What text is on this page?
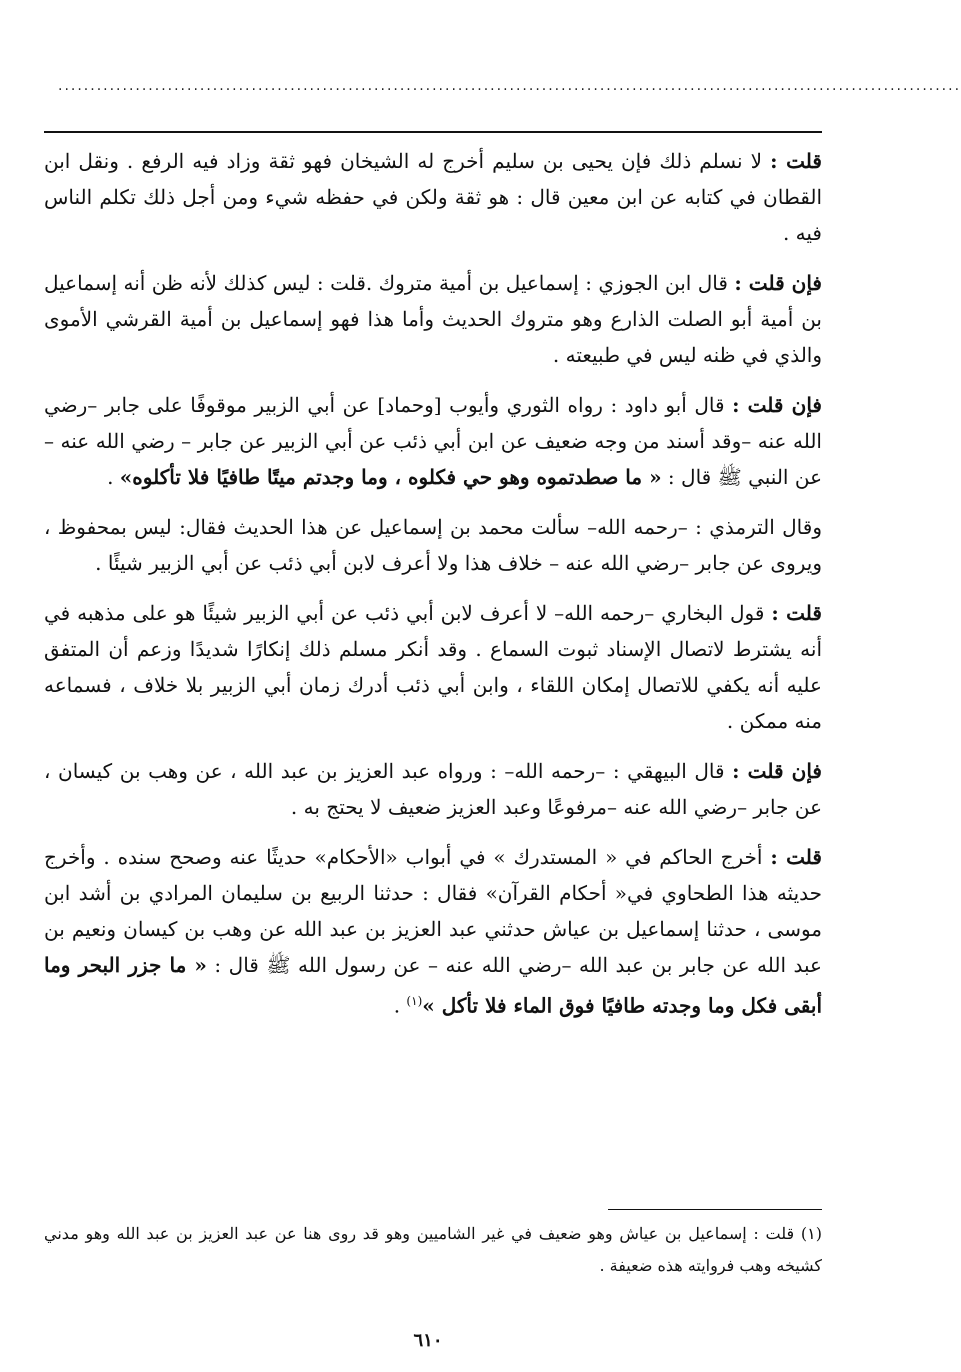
............................................................................................................................................

قلت : لا نسلم ذلك فإن يحيى بن سليم أخرج له الشيخان فهو ثقة وزاد فيه الرفع . ونقل ابن القطان في كتابه عن ابن معين قال : هو ثقة ولكن في حفظه شيء ومن أجل ذلك تكلم الناس فيه .

فإن قلت : قال ابن الجوزي : إسماعيل بن أمية متروك .قلت : ليس كذلك لأنه ظن أنه إسماعيل بن أمية أبو الصلت الذارع وهو متروك الحديث وأما هذا فهو إسماعيل بن أمية القرشي الأموى والذي في ظنه ليس في طبيعته .

فإن قلت : قال أبو داود : رواه الثوري وأيوب [وحماد] عن أبي الزبير موقوفًا على جابر –رضي الله عنه –وقد أسند من وجه ضعيف عن ابن أبي ذئب عن أبي الزبير عن جابر – رضي الله عنه – عن النبي ﷺ قال : « ما صطدتموه وهو حي فكلوه ، وما وجدتم ميتًا طافيًا فلا تأكلوه» .

وقال الترمذي : –رحمه الله– سألت محمد بن إسماعيل عن هذا الحديث فقال: ليس بمحفوظ ، ويروى عن جابر –رضي الله عنه – خلاف هذا ولا أعرف لابن أبي ذئب عن أبي الزبير شيئًا .

قلت : قول البخاري –رحمه الله– لا أعرف لابن أبي ذئب عن أبي الزبير شيئًا هو على مذهبه في أنه يشترط لاتصال الإسناد ثبوت السماع . وقد أنكر مسلم ذلك إنكارًا شديدًا وزعم أن المتفق عليه أنه يكفي للاتصال إمكان اللقاء ، وابن أبي ذئب أدرك زمان أبي الزبير بلا خلاف ، فسماعه منه ممكن .

فإن قلت : قال البيهقي : –رحمه الله– : ورواه عبد العزيز بن عبد الله ، عن وهب بن كيسان ، عن جابر –رضي الله عنه –مرفوعًا وعبد العزيز ضعيف لا يحتج به .

قلت : أخرج الحاكم في « المستدرك » في أبواب «الأحكام» حديثًا عنه وصحح سنده . وأخرج حديثه هذا الطحاوي في« أحكام القرآن» فقال : حدثنا الربيع بن سليمان المرادي بن أشد ابن موسى ، حدثنا إسماعيل بن عياش حدثني عبد العزيز بن عبد الله عن وهب بن كيسان ونعيم بن عبد الله عن جابر بن عبد الله –رضي الله عنه – عن رسول الله ﷺ قال : « ما جزر البحر وما أبقى فكل وما وجدته طافيًا فوق الماء فلا تأكل »$^{(١)}$ .

(١) قلت : إسماعيل بن عياش وهو ضعيف في غير الشاميين وهو قد روى هنا عن عبد العزيز بن عبد الله وهو مدني كشيخه وهب فروايته هذه ضعيفة .
٦١٠
